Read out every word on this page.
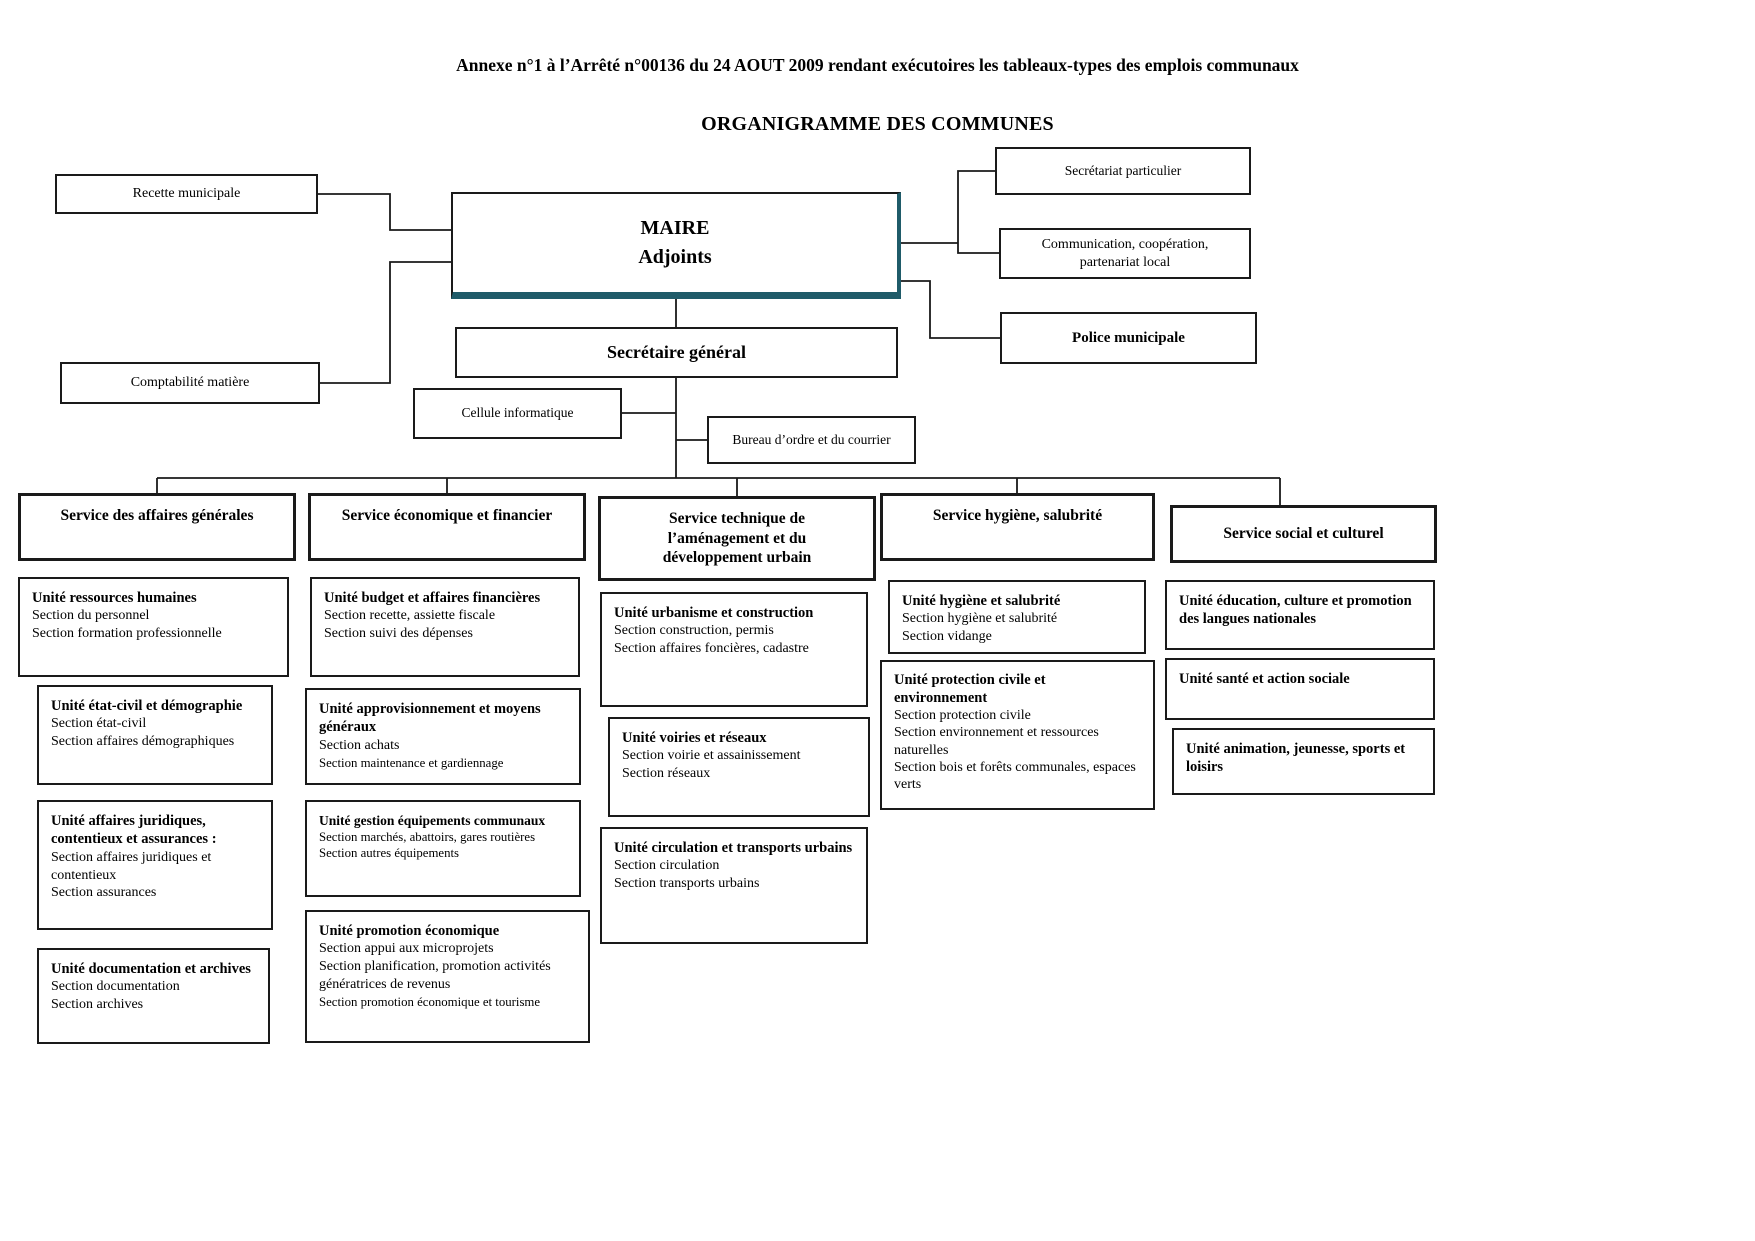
Annexe n°1 à l’Arrêté n°00136 du 24 AOUT 2009 rendant exécutoires les tableaux-types des emplois communaux
ORGANIGRAMME DES COMMUNES
Recette municipale
Comptabilité matière
MAIRE
Adjoints
Secrétariat particulier
Communication, coopération, partenariat local
Police municipale
Secrétaire général
Cellule informatique
Bureau d’ordre et du courrier
Service des affaires générales	Service économique et financier	Service technique de l’aménagement et du développement urbain
Service hygiène, salubrité
Service social et culturel
Unité ressources humaines
Section du personnel
Section formation professionnelle
Unité état-civil et démographie
Section état-civil
Section affaires démographiques
Unité affaires juridiques, contentieux et assurances :
Section affaires juridiques et contentieux
Section assurances
Unité documentation et archives
Section documentation
Section archives
Unité budget et affaires financières
Section recette, assiette fiscale
Section suivi des dépenses
Unité approvisionnement et moyens généraux
Section achats
Section maintenance et gardiennage
Unité gestion équipements communaux
Section marchés, abattoirs, gares routières
Section autres équipements
Unité promotion économique
Section appui aux microprojets
Section planification, promotion activités génératrices de revenus
Section promotion économique et tourisme
Unité urbanisme et construction
Section construction, permis
Section affaires foncières, cadastre
Unité voiries et réseaux
Section voirie et assainissement
Section réseaux
Unité circulation et transports urbains
Section circulation
Section transports urbains
Unité hygiène et salubrité
Section hygiène et salubrité
Section vidange
Unité protection civile et environnement
Section protection civile
Section environnement et ressources naturelles
Section bois et forêts communales, espaces verts
Unité éducation, culture et promotion des langues nationales
Unité santé et action sociale
Unité animation, jeunesse, sports et loisirs
